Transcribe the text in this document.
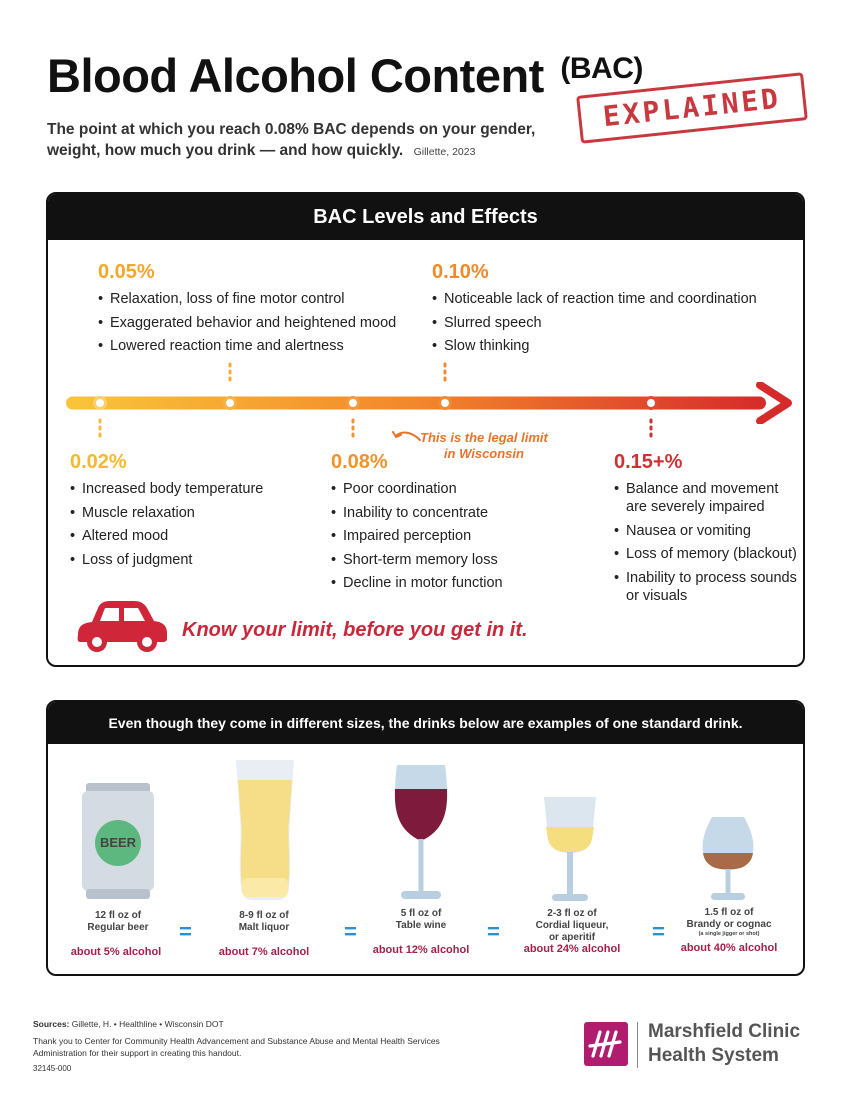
Blood Alcohol Content $^{(BAC)}$
EXPLAINED
The point at which you reach 0.08% BAC depends on your gender, weight, how much you drink — and how quickly. Gillette, 2023
BAC Levels and Effects
0.05%
• Relaxation, loss of fine motor control
• Exaggerated behavior and heightened mood
• Lowered reaction time and alertness
0.10%
• Noticeable lack of reaction time and coordination
• Slurred speech
• Slow thinking
0.02%
• Increased body temperature
• Muscle relaxation
• Altered mood
• Loss of judgment
0.08%
• Poor coordination
• Inability to concentrate
• Impaired perception
• Short-term memory loss
• Decline in motor function
0.15+%
• Balance and movement are severely impaired
• Nausea or vomiting
• Loss of memory (blackout)
• Inability to process sounds or visuals
This is the legal limit
in Wisconsin
Know your limit, before you get in it.
Even though they come in different sizes, the drinks below are examples of one standard drink.
BEER
12 fl oz of
Regular beer
8-9 fl oz of
Malt liquor
5 fl oz of
Table wine
2-3 fl oz of
Cordial liqueur,
or aperitif
1.5 fl oz of
Brandy or cognac
(a single jigger or shot)
about 5% alcohol	about 7% alcohol	about 12% alcohol	about 24% alcohol	about 40% alcohol
=	=	=	=
Sources: Gillette, H. • Healthline • Wisconsin DOT
Thank you to Center for Community Health Advancement and Substance Abuse and Mental Health Services Administration for their support in creating this handout.
32145-000
Marshfield Clinic
Health System
